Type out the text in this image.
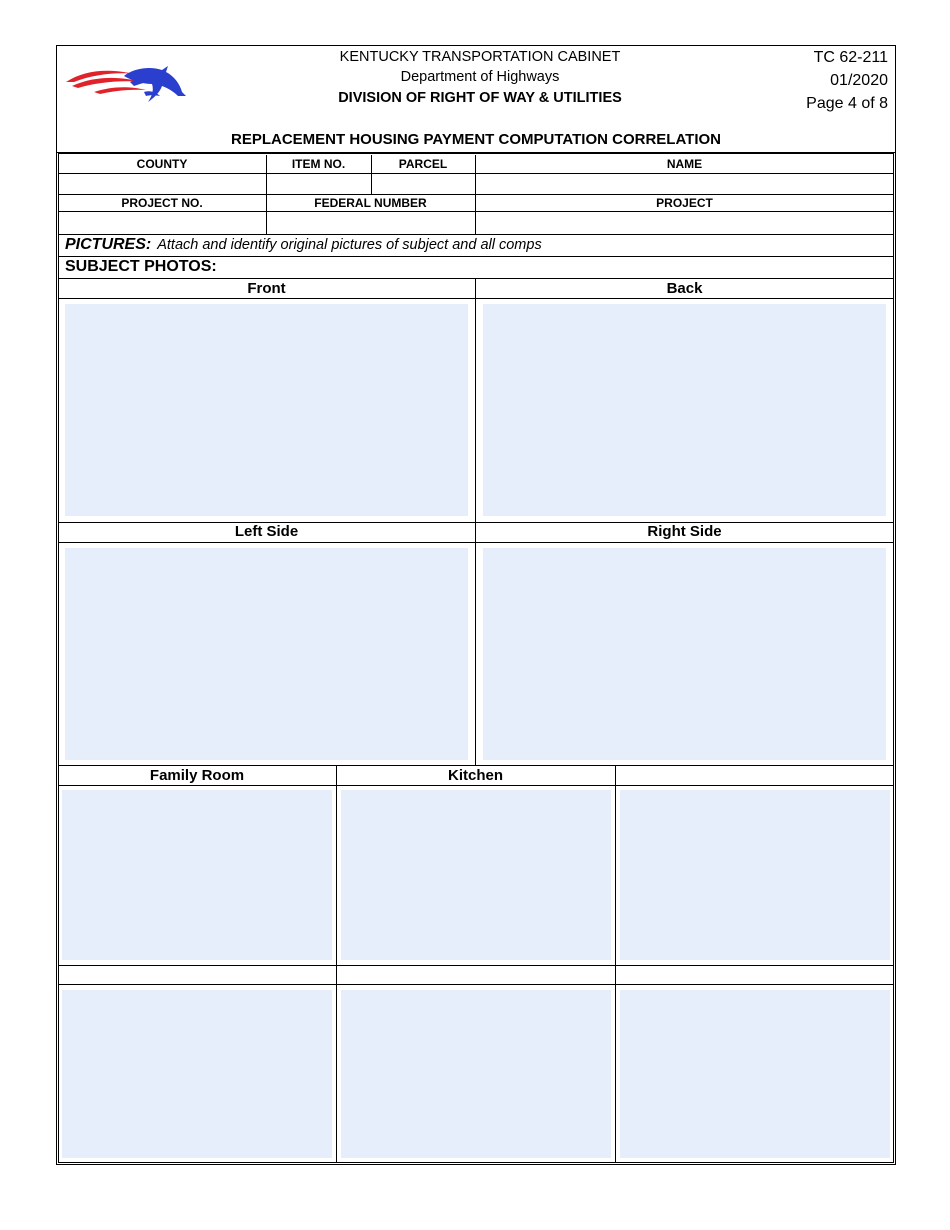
KENTUCKY TRANSPORTATION CABINET
Department of Highways
DIVISION OF RIGHT OF WAY & UTILITIES
TC 62-211
01/2020
Page 4 of 8
REPLACEMENT HOUSING PAYMENT COMPUTATION CORRELATION
COUNTY	ITEM NO.	PARCEL	NAME
PROJECT NO.	FEDERAL NUMBER	PROJECT
PICTURES: Attach and identify original pictures of subject and all comps
SUBJECT PHOTOS:
Front	Back
Left Side	Right Side
Family Room	Kitchen
